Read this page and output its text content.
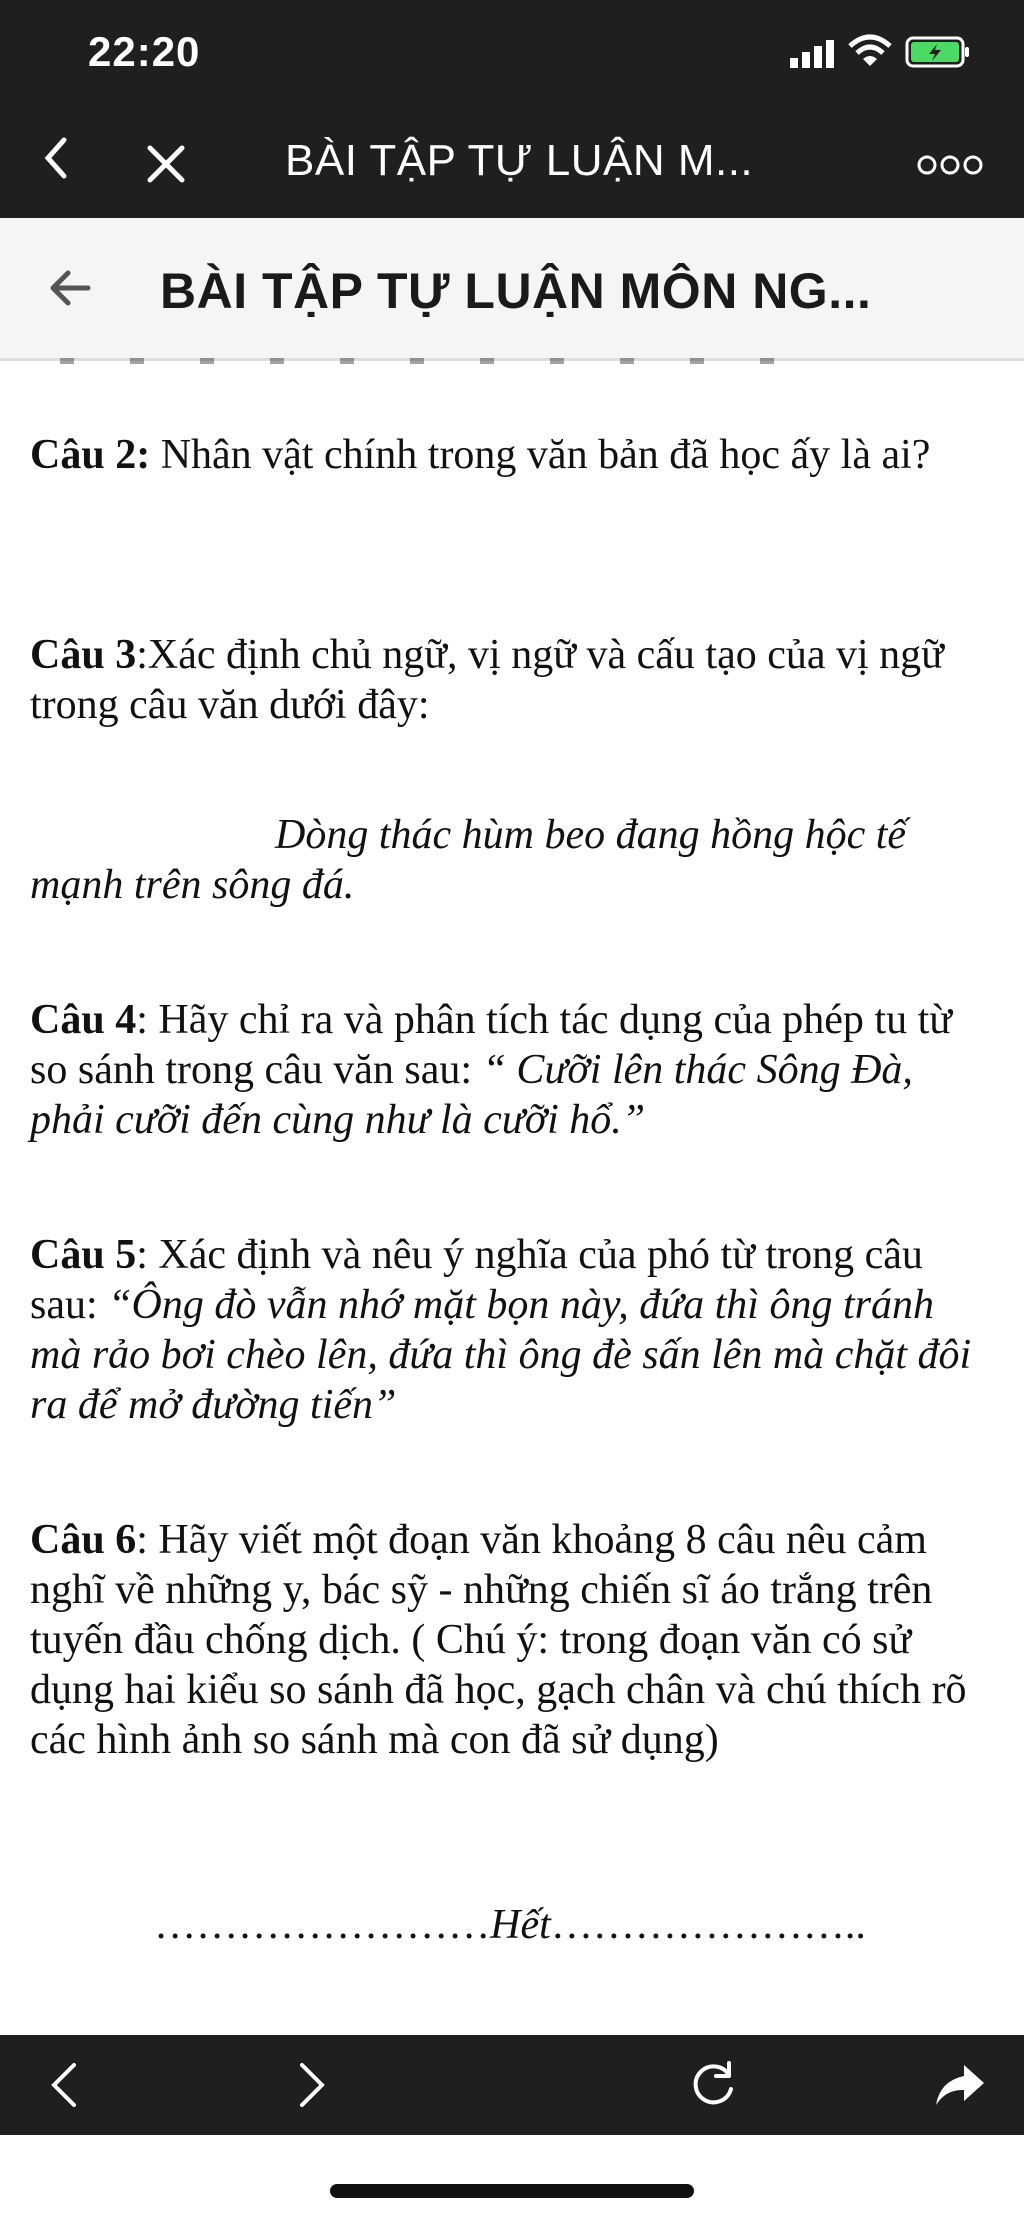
22:20
BÀI TẬP TỰ LUẬN M...
BÀI TẬP TỰ LUẬN MÔN NG...

Câu 2: Nhân vật chính trong văn bản đã học ấy là ai?

Câu 3:Xác định chủ ngữ, vị ngữ và cấu tạo của vị ngữ trong câu văn dưới đây:

Dòng thác hùm beo đang hồng hộc tế mạnh trên sông đá.

Câu 4: Hãy chỉ ra và phân tích tác dụng của phép tu từ so sánh trong câu văn sau: “ Cưỡi lên thác Sông Đà, phải cưỡi đến cùng như là cưỡi hổ.”

Câu 5: Xác định và nêu ý nghĩa của phó từ trong câu sau: “Ông đò vẫn nhớ mặt bọn này, đứa thì ông tránh mà rảo bơi chèo lên, đứa thì ông đè sấn lên mà chặt đôi ra để mở đường tiến”

Câu 6: Hãy viết một đoạn văn khoảng 8 câu nêu cảm nghĩ về những y, bác sỹ - những chiến sĩ áo trắng trên tuyến đầu chống dịch. ( Chú ý: trong đoạn văn có sử dụng hai kiểu so sánh đã học, gạch chân và chú thích rõ các hình ảnh so sánh mà con đã sử dụng)

……………………Hết…………………..
